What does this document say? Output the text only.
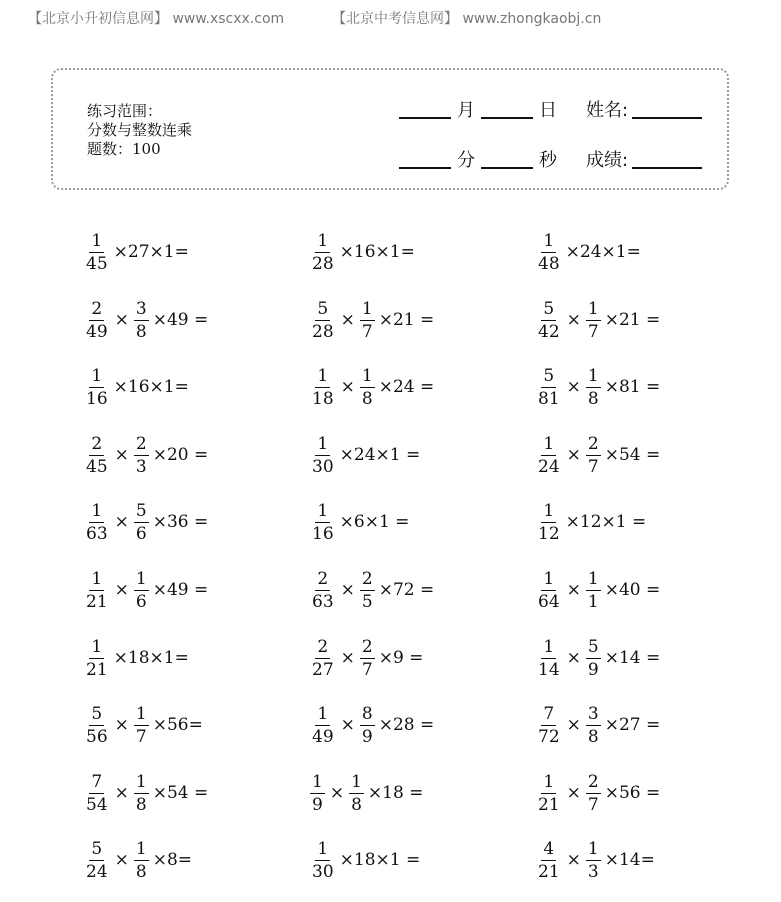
【北京小升初信息网】 www.xscxx.com	【北京中考信息网】 www.zhongkaobj.cn
练习范围：
分数与整数连乘
题数：100
月	日 姓名:
分	秒 成绩:
$\frac{1}{45} \times 27\times 1=$
$\frac{2}{49} \times \frac{3}{8} \times 49$ =
$\frac{1}{16} \times 16\times 1=$
$\frac{2}{45} \times \frac{2}{3} \times 20$ =
$\frac{1}{63} \times \frac{5}{6} \times 36$ =
$\frac{1}{21} \times \frac{1}{6} \times 49$ =
$\frac{1}{21} \times 18\times 1=$
$\frac{5}{56} \times \frac{1}{7} \times 56=$
$\frac{7}{54} \times \frac{1}{8} \times 54$ =
$\frac{5}{24} \times \frac{1}{8} \times 8=$
$\frac{1}{28} \times 16\times 1=$
$\frac{5}{28} \times \frac{1}{7} \times 21$ =
$\frac{1}{18} \times \frac{1}{8} \times 24$ =
$\frac{1}{30} \times 24\times 1$ =
$\frac{1}{16} \times 6\times 1$ =
$\frac{2}{63} \times \frac{2}{5} \times 72$ =
$\frac{2}{27} \times \frac{2}{7} \times 9$ =
$\frac{1}{49} \times \frac{8}{9} \times 28$ =
$\frac{1}{9} \times \frac{1}{8} \times 18$ =
$\frac{1}{30} \times 18\times 1$ =
$\frac{1}{48} \times 24\times 1=$
$\frac{5}{42} \times \frac{1}{7} \times 21$ =
$\frac{5}{81} \times \frac{1}{8} \times 81$ =
$\frac{1}{24} \times \frac{2}{7} \times 54$ =
$\frac{1}{12} \times 12\times 1$ =
$\frac{1}{64} \times \frac{1}{1} \times 40$ =
$\frac{1}{14} \times \frac{5}{9} \times 14$ =
$\frac{7}{72} \times \frac{3}{8} \times 27$ =
$\frac{1}{21} \times \frac{2}{7} \times 56$ =
$\frac{4}{21} \times \frac{1}{3} \times 14=$
